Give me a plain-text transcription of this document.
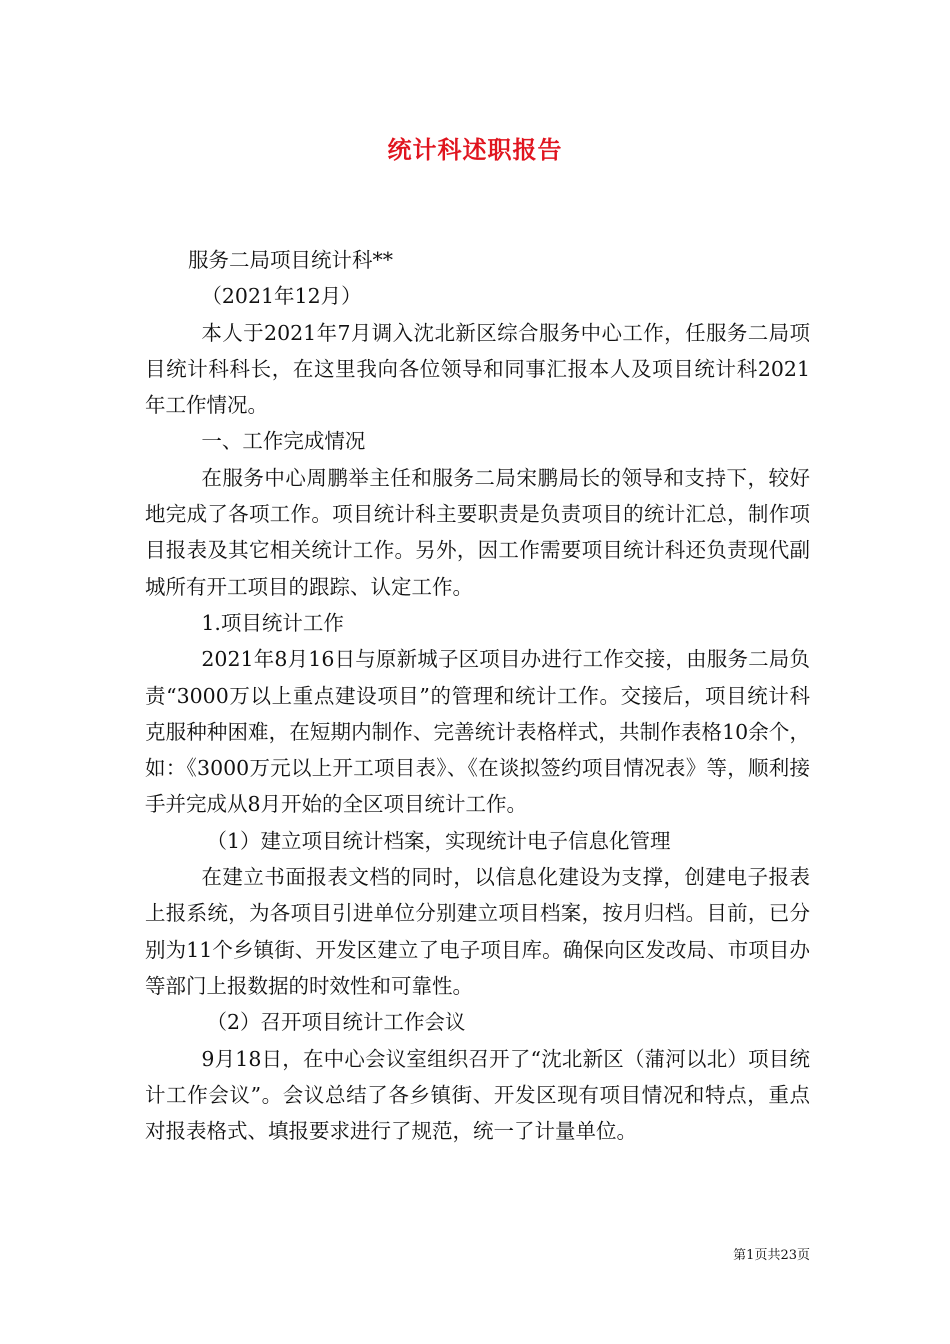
统计科述职报告

服务二局项目统计科**

（2021年12月）

本人于2021年7月调入沈北新区综合服务中心工作，任服务二局项目统计科科长，在这里我向各位领导和同事汇报本人及项目统计科2021年工作情况。

一、工作完成情况

在服务中心周鹏举主任和服务二局宋鹏局长的领导和支持下，较好地完成了各项工作。项目统计科主要职责是负责项目的统计汇总，制作项目报表及其它相关统计工作。另外，因工作需要项目统计科还负责现代副城所有开工项目的跟踪、认定工作。

1.项目统计工作

2021年8月16日与原新城子区项目办进行工作交接，由服务二局负责“3000万以上重点建设项目”的管理和统计工作。交接后，项目统计科克服种种困难，在短期内制作、完善统计表格样式，共制作表格10余个，如：《3000万元以上开工项目表》、《在谈拟签约项目情况表》等，顺利接手并完成从8月开始的全区项目统计工作。

（1）建立项目统计档案，实现统计电子信息化管理

在建立书面报表文档的同时，以信息化建设为支撑，创建电子报表上报系统，为各项目引进单位分别建立项目档案，按月归档。目前，已分别为11个乡镇街、开发区建立了电子项目库。确保向区发改局、市项目办等部门上报数据的时效性和可靠性。

（2）召开项目统计工作会议

9月18日，在中心会议室组织召开了“沈北新区（蒲河以北）项目统计工作会议”。会议总结了各乡镇街、开发区现有项目情况和特点，重点对报表格式、填报要求进行了规范，统一了计量单位。

第1页共23页
